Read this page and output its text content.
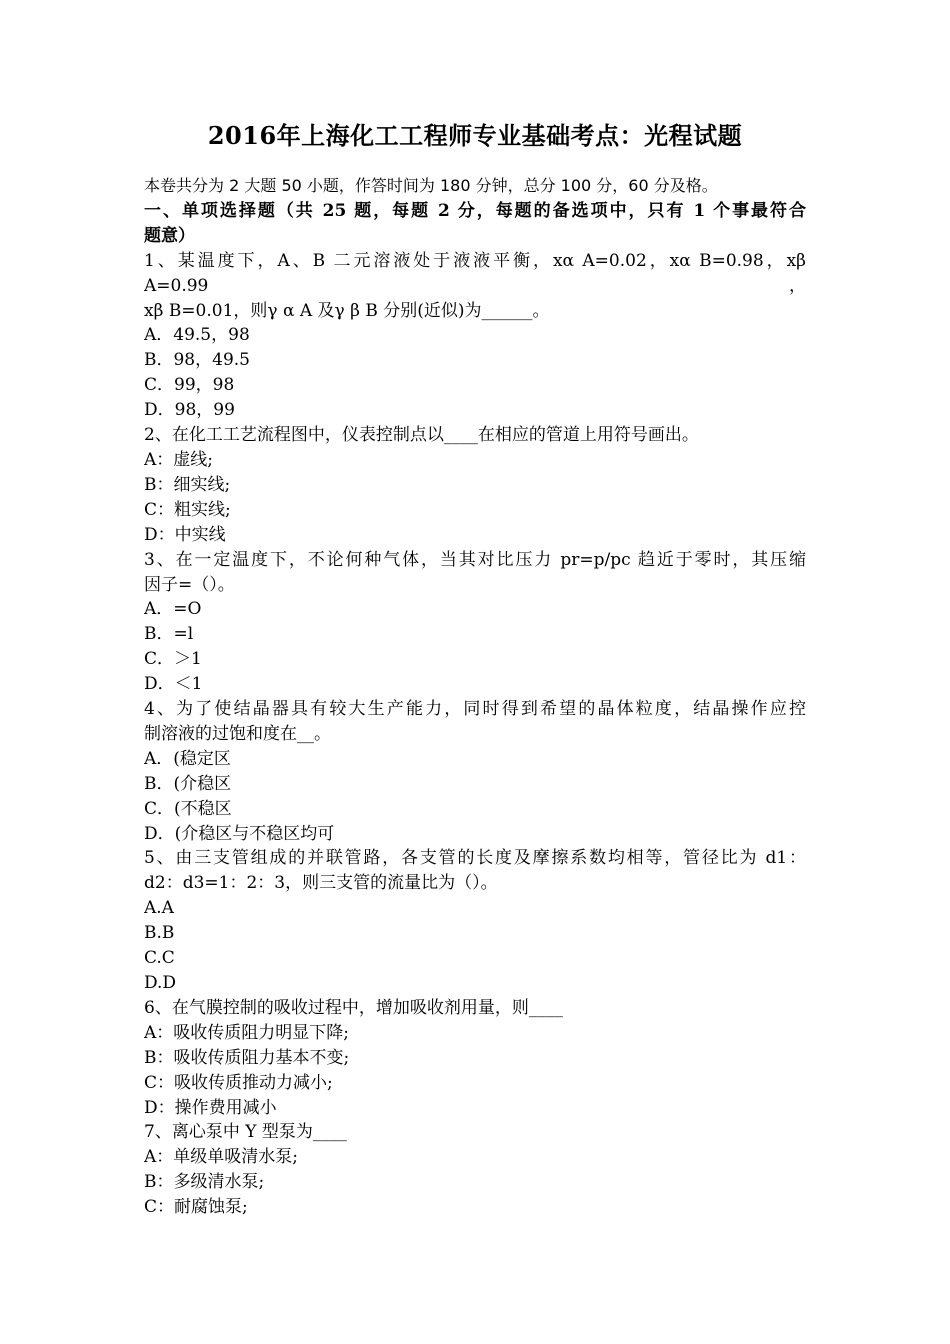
2016年上海化工工程师专业基础考点：光程试题
本卷共分为 2 大题 50 小题，作答时间为 180 分钟，总分 100 分，60 分及格。
一、单项选择题（共 25 题，每题 2 分，每题的备选项中，只有 1 个事最符合
题意）
1、某温度下，A、B 二元溶液处于液液平衡，xα A=0.02，xα B=0.98，xβ A=0.99，
xβ B=0.01，则γ α A 及γ β B 分别(近似)为______。
A．49.5，98
B．98，49.5
C．99，98
D．98，99
2、在化工工艺流程图中，仪表控制点以____在相应的管道上用符号画出。
A：虚线;
B：细实线;
C：粗实线;
D：中实线
3、在一定温度下，不论何种气体，当其对比压力 pr=p/pc 趋近于零时，其压缩
因子=（）。
A．=O
B．=l
C．＞1
D．＜1
4、为了使结晶器具有较大生产能力，同时得到希望的晶体粒度，结晶操作应控
制溶液的过饱和度在__。
A．(稳定区
B．(介稳区
C．(不稳区
D．(介稳区与不稳区均可
5、由三支管组成的并联管路，各支管的长度及摩擦系数均相等，管径比为 d1：
d2：d3=1：2：3，则三支管的流量比为（）。
A.A
B.B
C.C
D.D
6、在气膜控制的吸收过程中，增加吸收剂用量，则____
A：吸收传质阻力明显下降;
B：吸收传质阻力基本不变;
C：吸收传质推动力减小;
D：操作费用减小
7、离心泵中 Y 型泵为____
A：单级单吸清水泵;
B：多级清水泵;
C：耐腐蚀泵;
